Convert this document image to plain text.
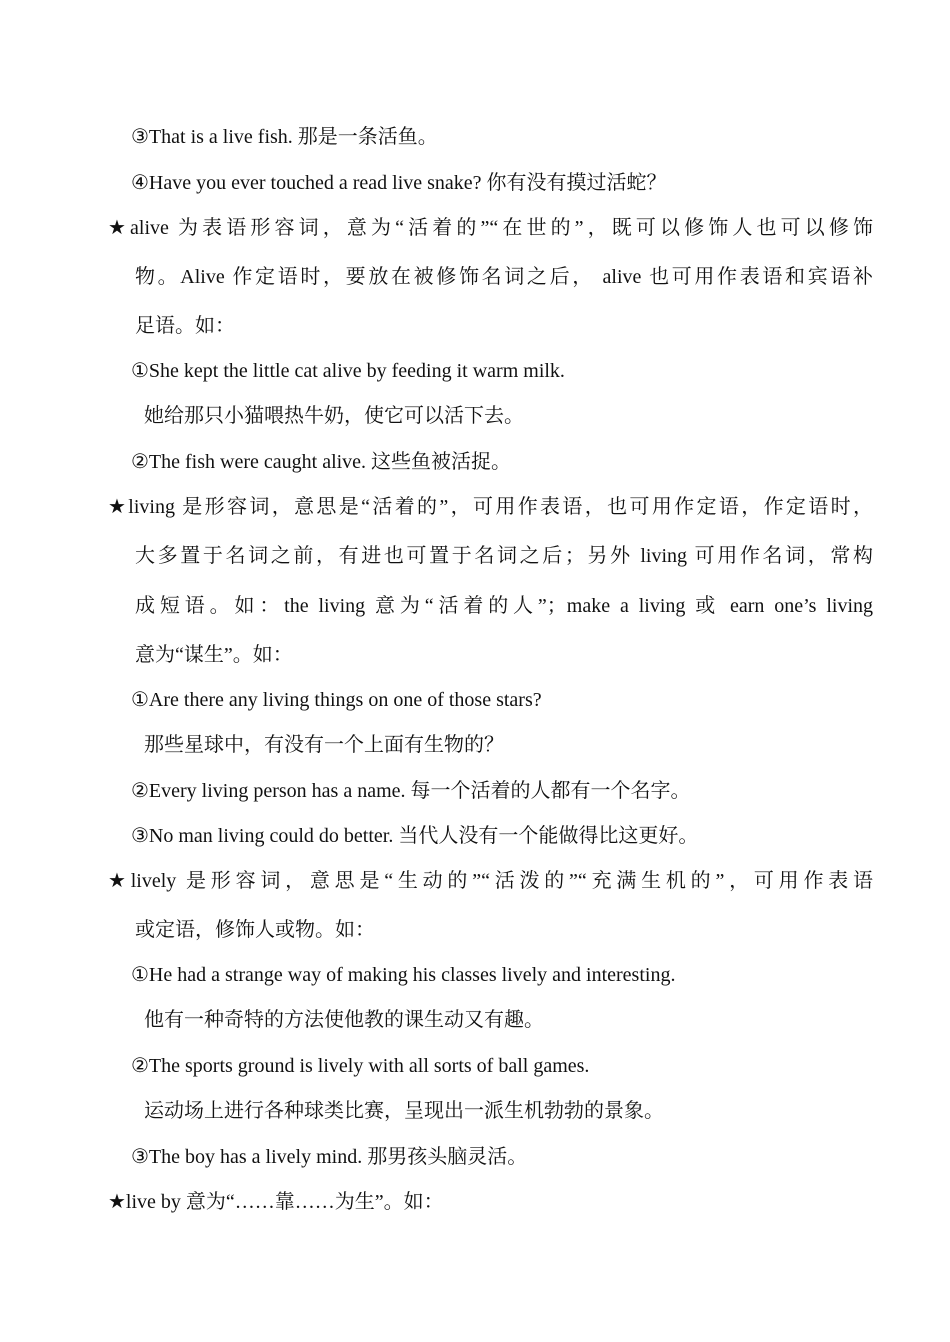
③That is a live fish. 那是一条活鱼。
④Have you ever touched a read live snake? 你有没有摸过活蛇？
★alive 为表语形容词，意为“活着的”“在世的”，既可以修饰人也可以修饰
物。Alive 作定语时，要放在被修饰名词之后， alive 也可用作表语和宾语补
足语。如：
①She kept the little cat alive by feeding it warm milk.
她给那只小猫喂热牛奶，使它可以活下去。
②The fish were caught alive. 这些鱼被活捉。
★living 是形容词，意思是“活着的”，可用作表语，也可用作定语，作定语时，
大多置于名词之前，有进也可置于名词之后；另外 living 可用作名词，常构
成短语。如：the living 意为“活着的人”；make a living 或 earn one’s living
意为“谋生”。如：
①Are there any living things on one of those stars?
那些星球中，有没有一个上面有生物的？
②Every living person has a name. 每一个活着的人都有一个名字。
③No man living could do better. 当代人没有一个能做得比这更好。
★lively 是形容词，意思是“生动的”“活泼的”“充满生机的”，可用作表语
或定语，修饰人或物。如：
①He had a strange way of making his classes lively and interesting.
他有一种奇特的方法使他教的课生动又有趣。
②The sports ground is lively with all sorts of ball games.
运动场上进行各种球类比赛，呈现出一派生机勃勃的景象。
③The boy has a lively mind. 那男孩头脑灵活。
★live by 意为“……靠……为生”。如：
